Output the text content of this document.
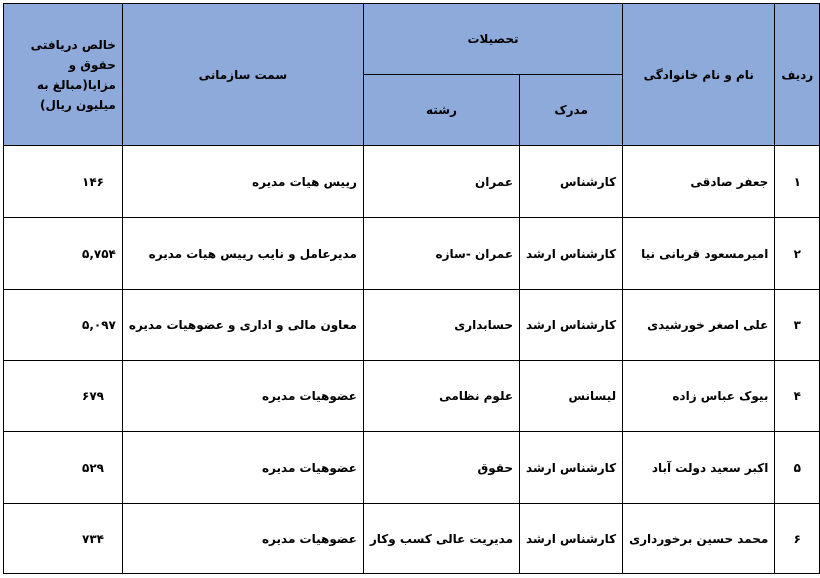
ردیف	نام و نام خانوادگی	تحصیلات		سمت سازمانی	خالص دریافتی حقوق و مزایا(مبالغ به میلیون ریال)
		مدرک	رشته		
۱	جعفر صادقی	کارشناس	عمران	رییس هیات مدیره	۱۴۶
۲	امیرمسعود قربانی نیا	کارشناس ارشد	عمران -سازه	مدیرعامل و نایب رییس هیات مدیره	۵,۷۵۴
۳	علی اصغر خورشیدی	کارشناس ارشد	حسابداری	معاون مالی و اداری و عضوهیات مدیره	۵,۰۹۷
۴	بیوک عباس زاده	لیسانس	علوم نظامی	عضوهیات مدیره	۶۷۹
۵	اکبر سعید دولت آباد	کارشناس ارشد	حقوق	عضوهیات مدیره	۵۲۹
۶	محمد حسین برخورداری	کارشناس ارشد	مدیریت عالی کسب وکار	عضوهیات مدیره	۷۳۴
